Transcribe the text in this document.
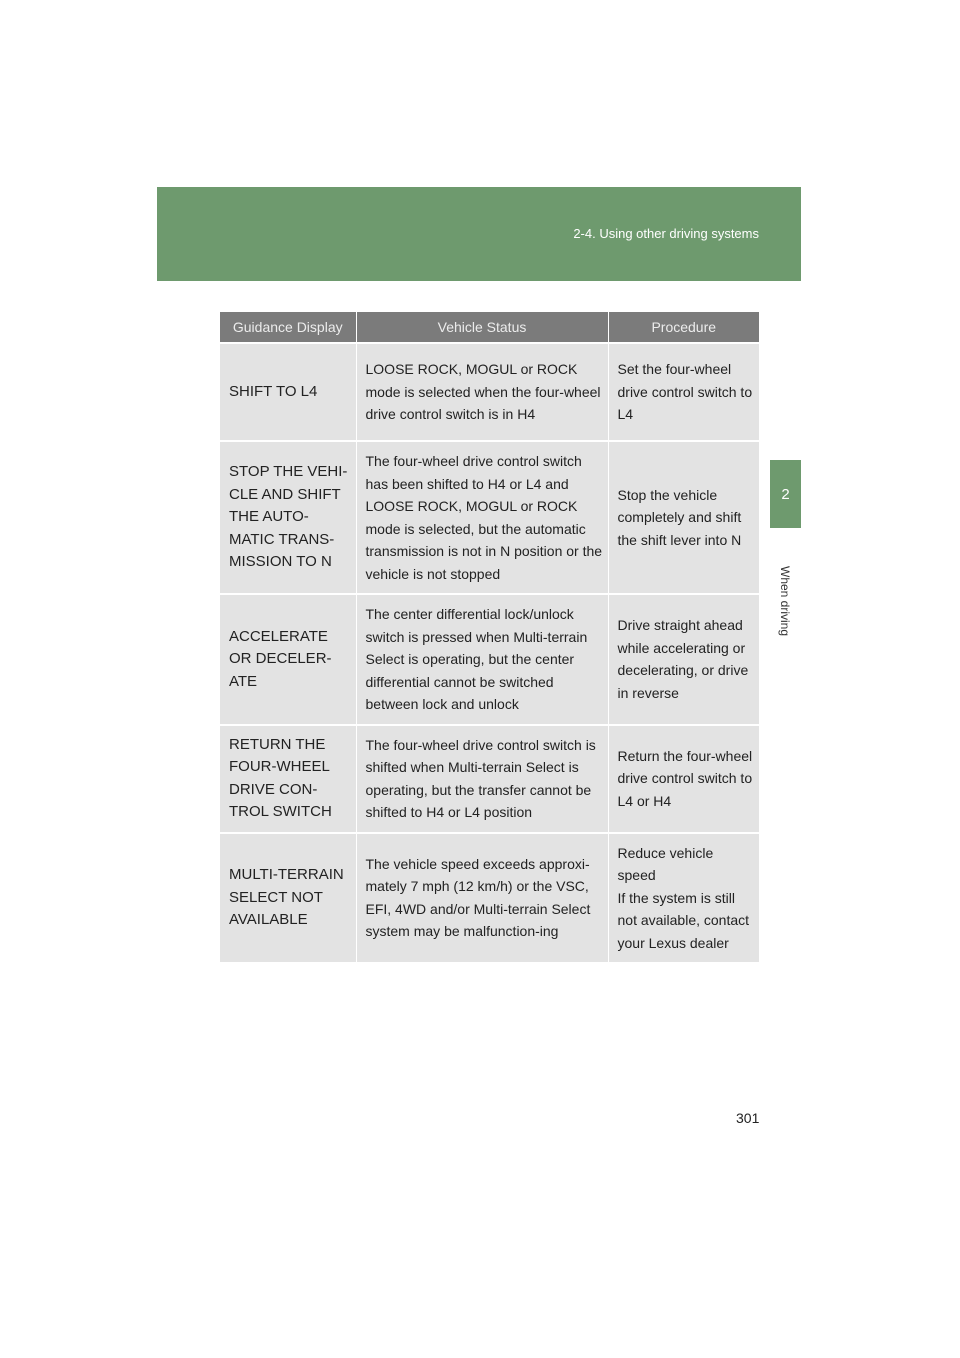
2-4. Using other driving systems
2
When driving
Guidance Display	Vehicle Status	Procedure

SHIFT TO L4	LOOSE ROCK, MOGUL or ROCK mode is selected when the four-wheel drive control switch is in H4	Set the four-wheel drive control switch to L4

STOP THE VEHI-CLE AND SHIFT THE AUTO-MATIC TRANS-MISSION TO N	The four-wheel drive control switch has been shifted to H4 or L4 and LOOSE ROCK, MOGUL or ROCK mode is selected, but the automatic transmission is not in N position or the vehicle is not stopped	Stop the vehicle completely and shift the shift lever into N

ACCELERATE OR DECELER-ATE	The center differential lock/unlock switch is pressed when Multi-terrain Select is operating, but the center differential cannot be switched between lock and unlock	Drive straight ahead while accelerating or decelerating, or drive in reverse

RETURN THE FOUR-WHEEL DRIVE CON-TROL SWITCH	The four-wheel drive control switch is shifted when Multi-terrain Select is operating, but the transfer cannot be shifted to H4 or L4 position	Return the four-wheel drive control switch to L4 or H4

MULTI-TERRAIN SELECT NOT AVAILABLE	The vehicle speed exceeds approxi-mately 7 mph (12 km/h) or the VSC, EFI, 4WD and/or Multi-terrain Select system may be malfunction-ing	Reduce vehicle speed
If the system is still not available, contact your Lexus dealer
301
